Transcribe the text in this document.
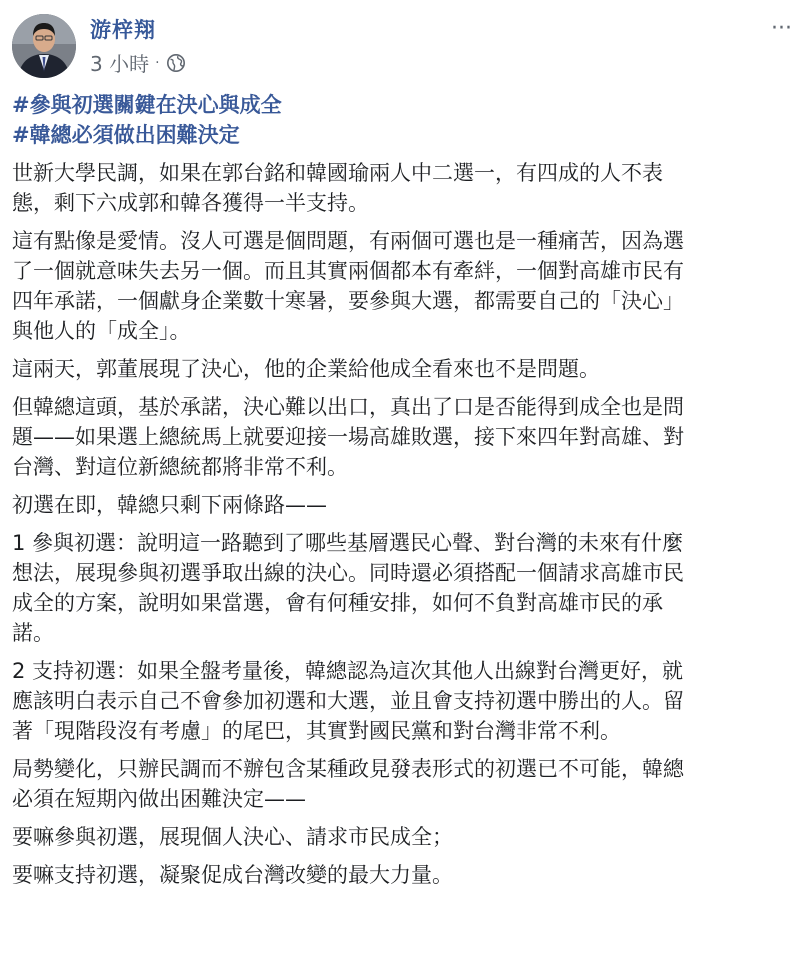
游梓翔
3 小時 ·
···
#參與初選關鍵在決心與成全
#韓總必須做出困難決定

世新大學民調，如果在郭台銘和韓國瑜兩人中二選一，有四成的人不表
態，剩下六成郭和韓各獲得一半支持。

這有點像是愛情。沒人可選是個問題，有兩個可選也是一種痛苦，因為選
了一個就意味失去另一個。而且其實兩個都本有牽絆，一個對高雄市民有
四年承諾，一個獻身企業數十寒暑，要參與大選，都需要自己的「決心」
與他人的「成全」。

這兩天，郭董展現了決心，他的企業給他成全看來也不是問題。

但韓總這頭，基於承諾，決心難以出口，真出了口是否能得到成全也是問
題——如果選上總統馬上就要迎接一場高雄敗選，接下來四年對高雄、對
台灣、對這位新總統都將非常不利。

初選在即，韓總只剩下兩條路——

1 參與初選：說明這一路聽到了哪些基層選民心聲、對台灣的未來有什麼
想法，展現參與初選爭取出線的決心。同時還必須搭配一個請求高雄市民
成全的方案，說明如果當選，會有何種安排，如何不負對高雄市民的承
諾。

2 支持初選：如果全盤考量後，韓總認為這次其他人出線對台灣更好，就
應該明白表示自己不會參加初選和大選，並且會支持初選中勝出的人。留
著「現階段沒有考慮」的尾巴，其實對國民黨和對台灣非常不利。

局勢變化，只辦民調而不辦包含某種政見發表形式的初選已不可能，韓總
必須在短期內做出困難決定——

要嘛參與初選，展現個人決心、請求市民成全；

要嘛支持初選，凝聚促成台灣改變的最大力量。
